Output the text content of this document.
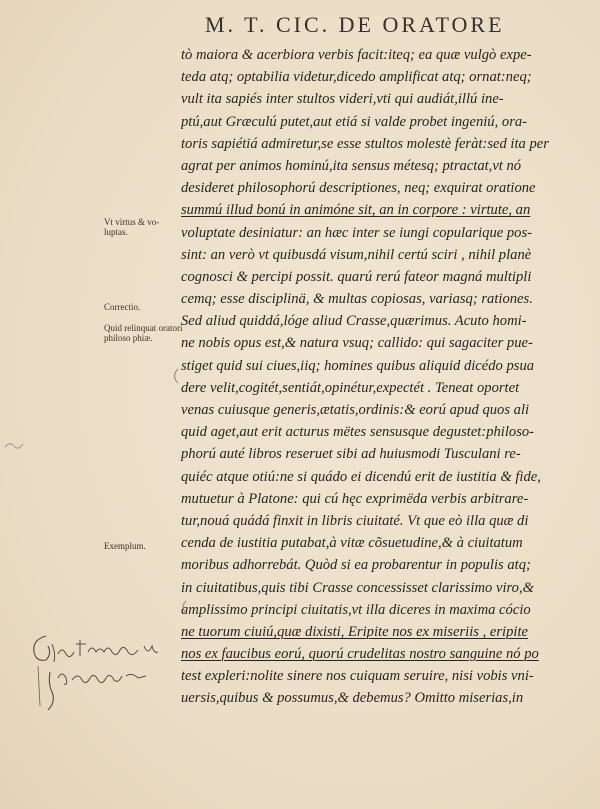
M. T. CIC. DE ORATORE
tò maiora & acerbiora verbis facit:iteq; ea quæ vulgò expe-
teda atq; optabilia videtur,dicedo amplificat atq; ornat:neq;
vult ita sapiés inter stultos videri,vti qui audiát,illú ine-
ptú,aut Græculú putet,aut etiá si valde probet ingeniú, ora-
toris sapiétiá admiretur,se esse stultos molestè feràt:sed ita per
agrat per animos hominú,ita sensus métesq; ptractat,vt nó
desideret philosophorú descriptiones, neq; exquirat oratione
summú illud bonú in animóne sit, an in corpore : virtute, an
voluptate desiniatur: an hæc inter se iungi copularique pos-
sint: an verò vt quibusdá visum,nihil certú sciri , nihil planè
cognosci & percipi possit. quarú rerú fateor magná multipli
cemq; esse disciplinä, & multas copiosas, variasq; rationes.
Sed aliud quiddá,lóge aliud Crasse,quærimus. Acuto homi-
ne nobis opus est,& natura vsuq; callido: qui sagaciter pue-
stiget quid sui ciues,iiq; homines quibus aliquid dicédo psua
dere velit,cogitét,sentiát,opinétur,expectét . Teneat oportet
venas cuiusque generis,ætatis,ordinis:& eorú apud quos ali
quid aget,aut erit acturus mëtes sensusque degustet:philoso-
phorú auté libros reseruet sibi ad huiusmodi Tusculani re-
quiéc atque otiú:ne si quádo ei dicendú erit de iustitia & fide,
mutuetur à Platone: qui cú hęc exprimëda verbis arbitrare-
tur,nouá quádá finxit in libris ciuitaté. Vt que eò illa quæ di
cenda de iustitia putabat,à vitæ cõsuetudine,& à ciuitatum
moribus adhorrebát. Quòd si ea probarentur in populis atq;
in ciuitatibus,quis tibi Crasse concessisset clarissimo viro,&
amplissimo principi ciuitatis,vt illa diceres in maxima cócio
ne tuorum ciuiú,quæ dixisti, Eripite nos ex miseriis , eripite
nos ex faucibus eorú, quorú crudelitas nostro sanguine nó po
test expleri:nolite sinere nos cuiquam seruire, nisi vobis vni-
uersis,quibus & possumus,& debemus? Omitto miserias,in
Vt virtus & vo- luptas.
Correctio.
Quid relinquat oratori philoso phiæ.
Exemplum.
